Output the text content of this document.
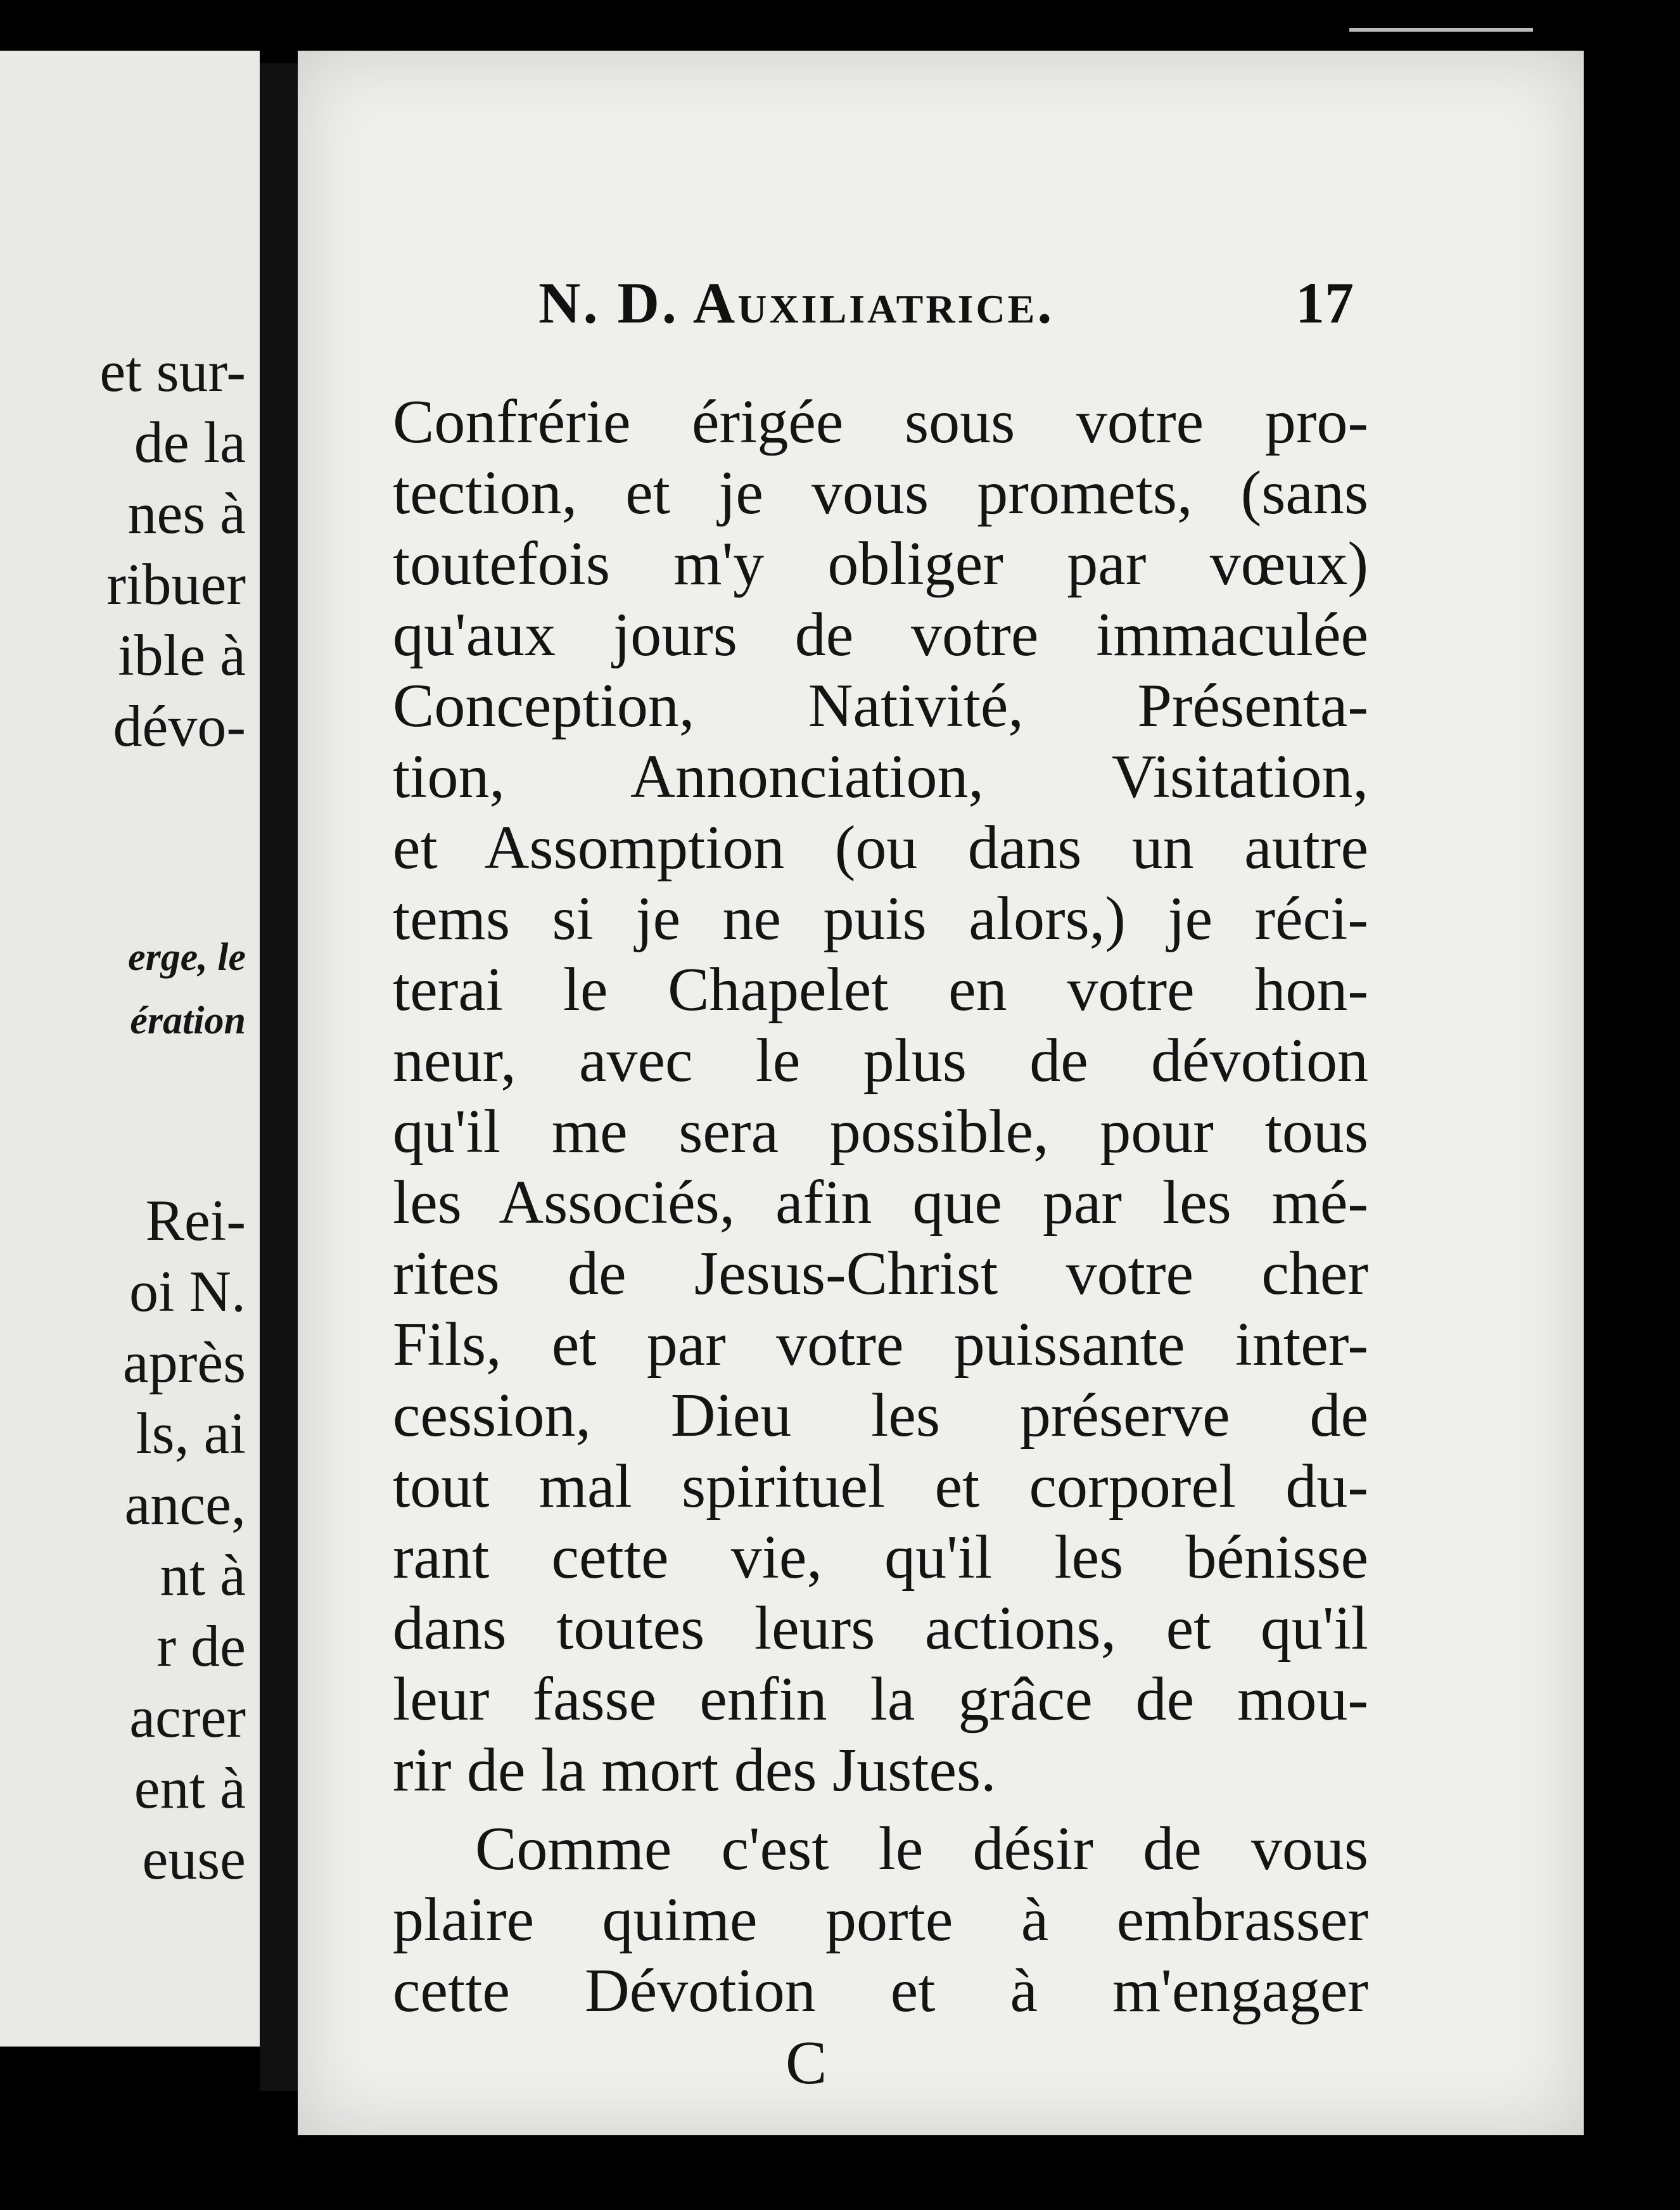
et sur-
de la
nes à
ribuer
ible à
dévo-
erge, le
ération
Rei-
oi N.
après
ls, ai
ance,
nt à
r de
acrer
ent à
euse
N. D. Auxiliatrice.	17
Confrérie érigée sous votre pro-
tection, et je vous promets, (sans
toutefois m'y obliger par vœux)
qu'aux jours de votre immaculée
Conception, Nativité, Présenta-
tion, Annonciation, Visitation,
et Assomption (ou dans un autre
tems si je ne puis alors,) je réci-
terai le Chapelet en votre hon-
neur, avec le plus de dévotion
qu'il me sera possible, pour tous
les Associés, afin que par les mé-
rites de Jesus-Christ votre cher
Fils, et par votre puissante inter-
cession, Dieu les préserve de
tout mal spirituel et corporel du-
rant cette vie, qu'il les bénisse
dans toutes leurs actions, et qu'il
leur fasse enfin la grâce de mou-
rir de la mort des Justes.
Comme c'est le désir de vous
plaire quime porte à embrasser
cette Dévotion et à m'engager
C
